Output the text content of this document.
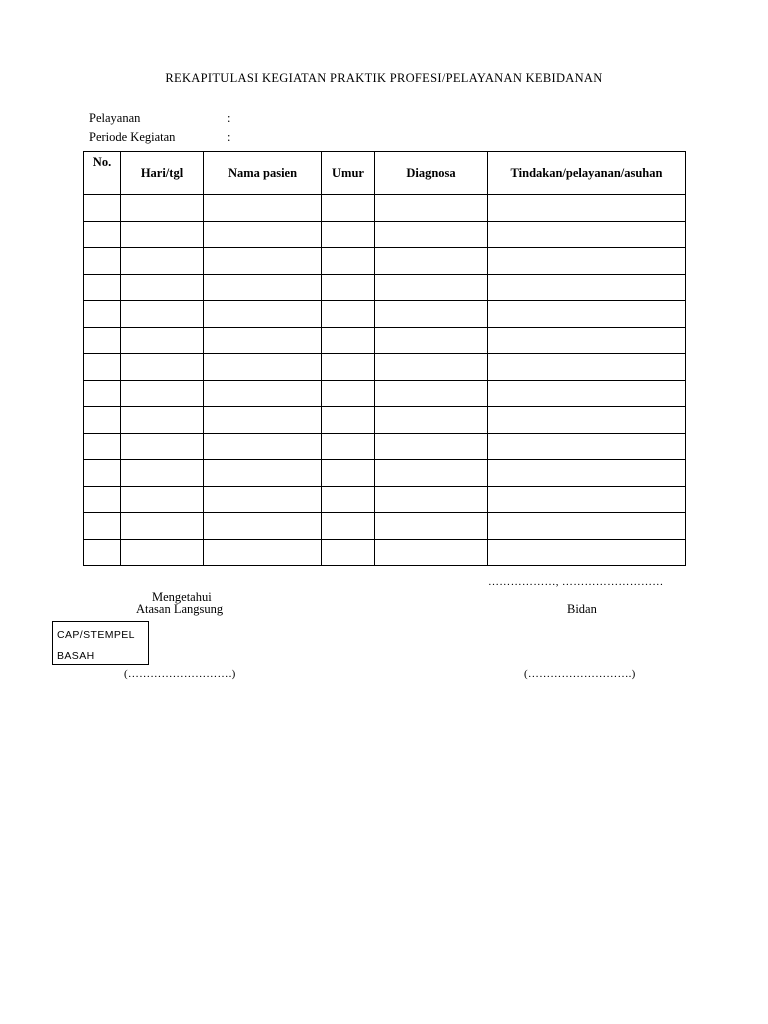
REKAPITULASI KEGIATAN PRAKTIK PROFESI/PELAYANAN KEBIDANAN
Pelayanan	:
Periode Kegiatan	:
No.	Hari/tgl	Nama pasien	Umur	Diagnosa	Tindakan/pelayanan/asuhan

………………, ………………………
Mengetahui
Atasan Langsung	Bidan
CAP/STEMPEL
BASAH
(……………………….)	(……………………….)
